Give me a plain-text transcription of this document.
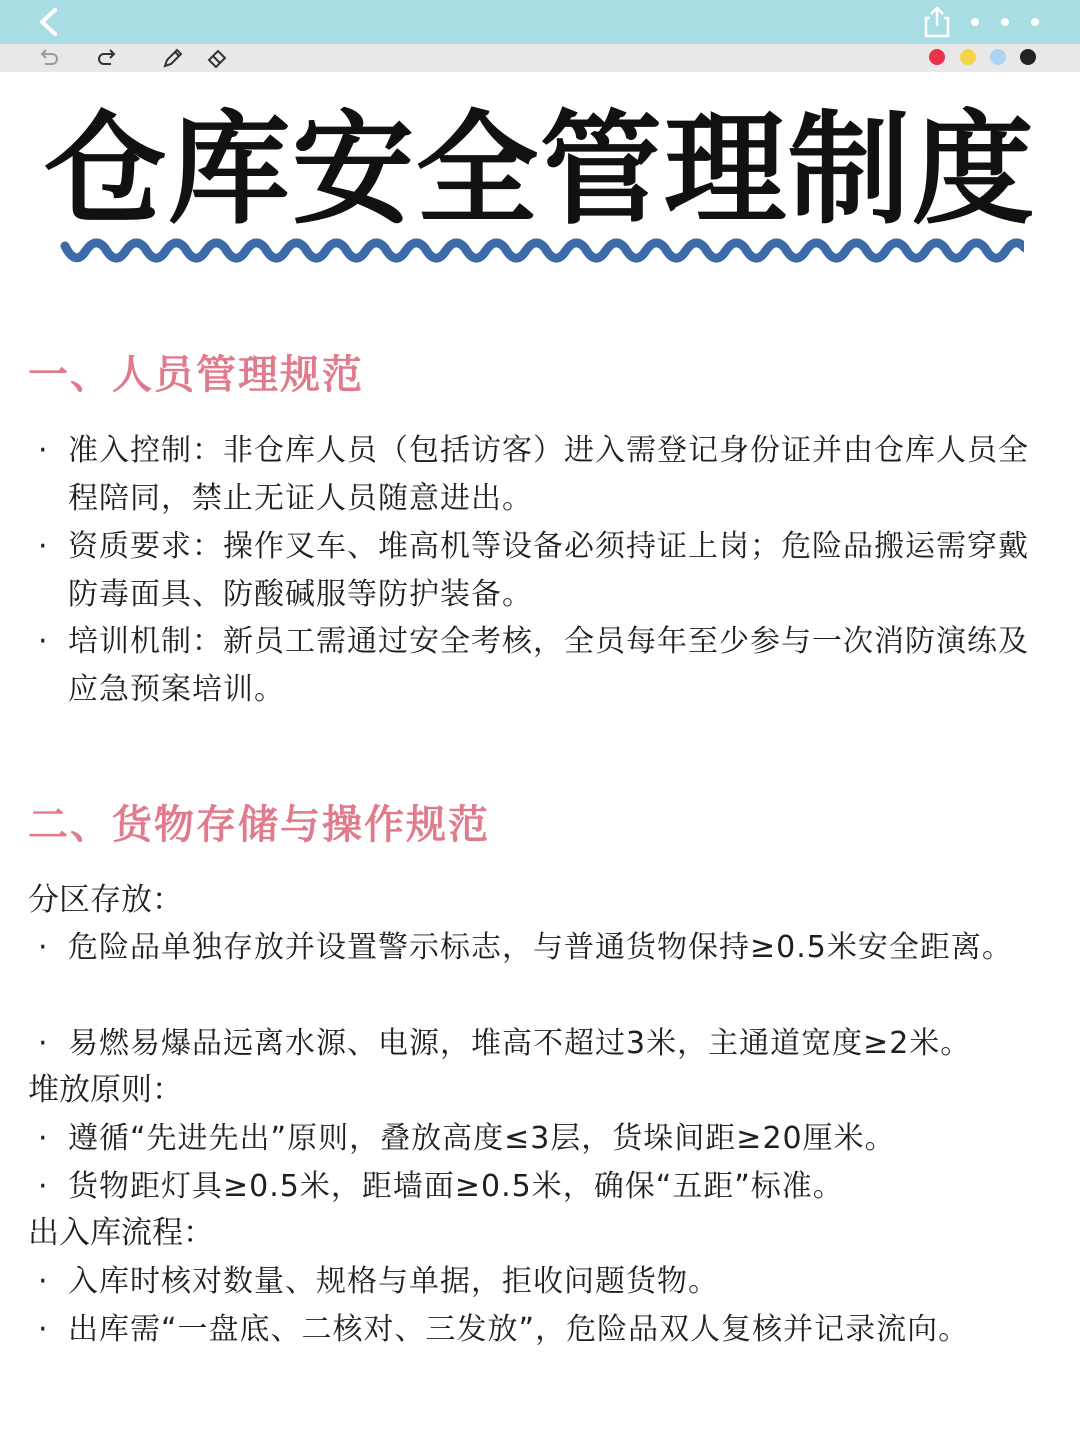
仓库安全管理制度
一、人员管理规范
· 准入控制：非仓库人员（包括访客）进入需登记身份证并由仓库人员全程陪同，禁止无证人员随意进出。
· 资质要求：操作叉车、堆高机等设备必须持证上岗；危险品搬运需穿戴防毒面具、防酸碱服等防护装备。
· 培训机制：新员工需通过安全考核，全员每年至少参与一次消防演练及应急预案培训。
二、货物存储与操作规范
分区存放：
· 危险品单独存放并设置警示标志，与普通货物保持≥0.5米安全距离。
· 易燃易爆品远离水源、电源，堆高不超过3米，主通道宽度≥2米。
堆放原则：
· 遵循“先进先出”原则，叠放高度≤3层，货垛间距≥20厘米。
· 货物距灯具≥0.5米，距墙面≥0.5米，确保“五距”标准。
出入库流程：
· 入库时核对数量、规格与单据，拒收问题货物。
· 出库需“一盘底、二核对、三发放”，危险品双人复核并记录流向。
